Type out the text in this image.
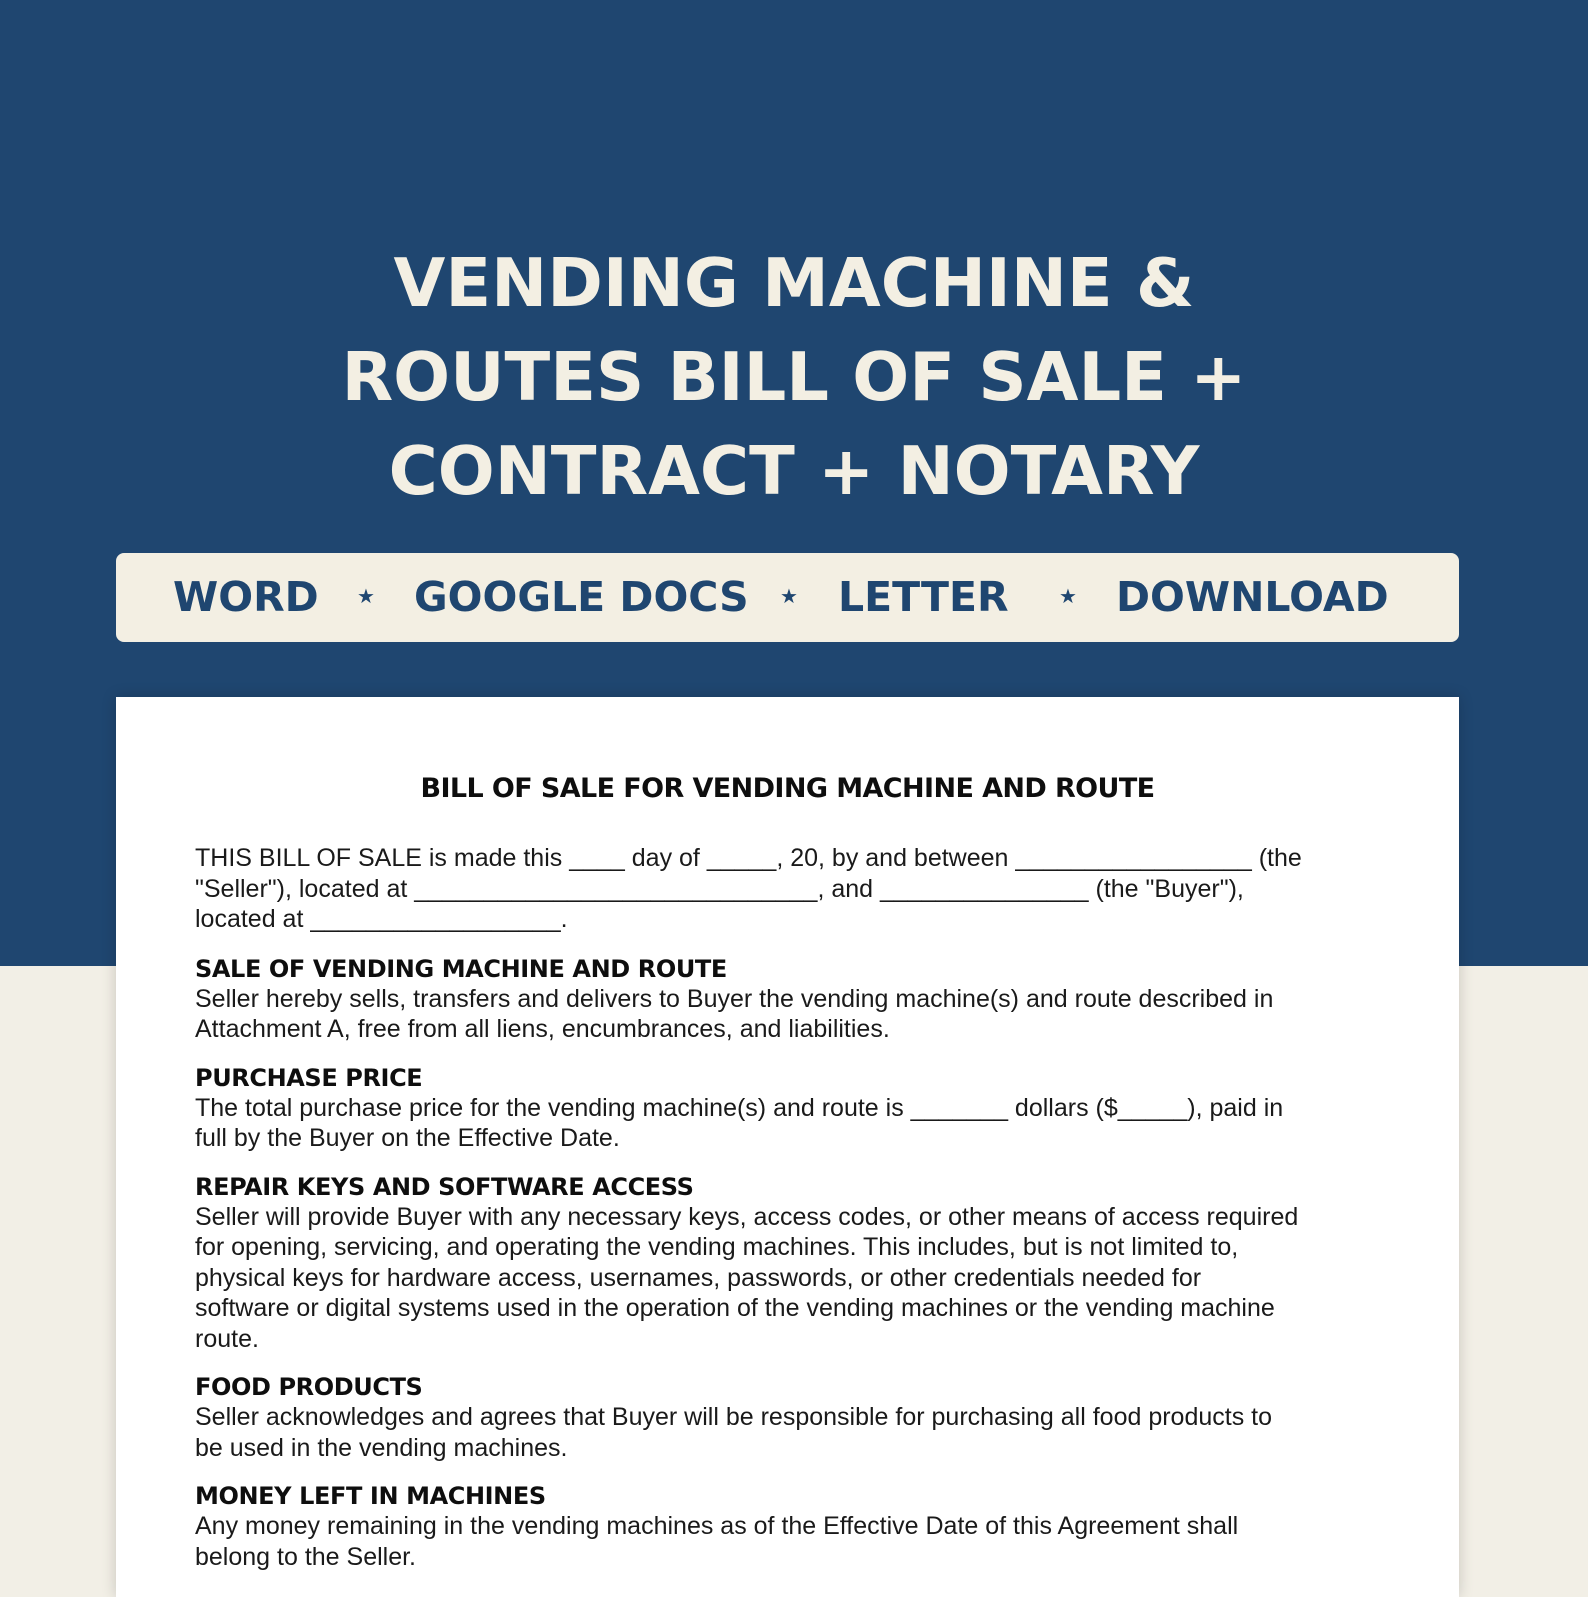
VENDING MACHINE &
ROUTES BILL OF SALE +
CONTRACT + NOTARY
WORD ★ GOOGLE DOCS ★ LETTER	★ DOWNLOAD
BILL OF SALE FOR VENDING MACHINE AND ROUTE

THIS BILL OF SALE is made this ____ day of _____, 20, by and between _________________ (the

"Seller"), located at _____________________________, and _______________ (the "Buyer"),

located at __________________.

SALE OF VENDING MACHINE AND ROUTE

Seller hereby sells, transfers and delivers to Buyer the vending machine(s) and route described in

Attachment A, free from all liens, encumbrances, and liabilities.

PURCHASE PRICE

The total purchase price for the vending machine(s) and route is _______ dollars ($_____), paid in

full by the Buyer on the Effective Date.

REPAIR KEYS AND SOFTWARE ACCESS

Seller will provide Buyer with any necessary keys, access codes, or other means of access required

for opening, servicing, and operating the vending machines. This includes, but is not limited to,

physical keys for hardware access, usernames, passwords, or other credentials needed for

software or digital systems used in the operation of the vending machines or the vending machine

route.

FOOD PRODUCTS

Seller acknowledges and agrees that Buyer will be responsible for purchasing all food products to

be used in the vending machines.

MONEY LEFT IN MACHINES

Any money remaining in the vending machines as of the Effective Date of this Agreement shall

belong to the Seller.
